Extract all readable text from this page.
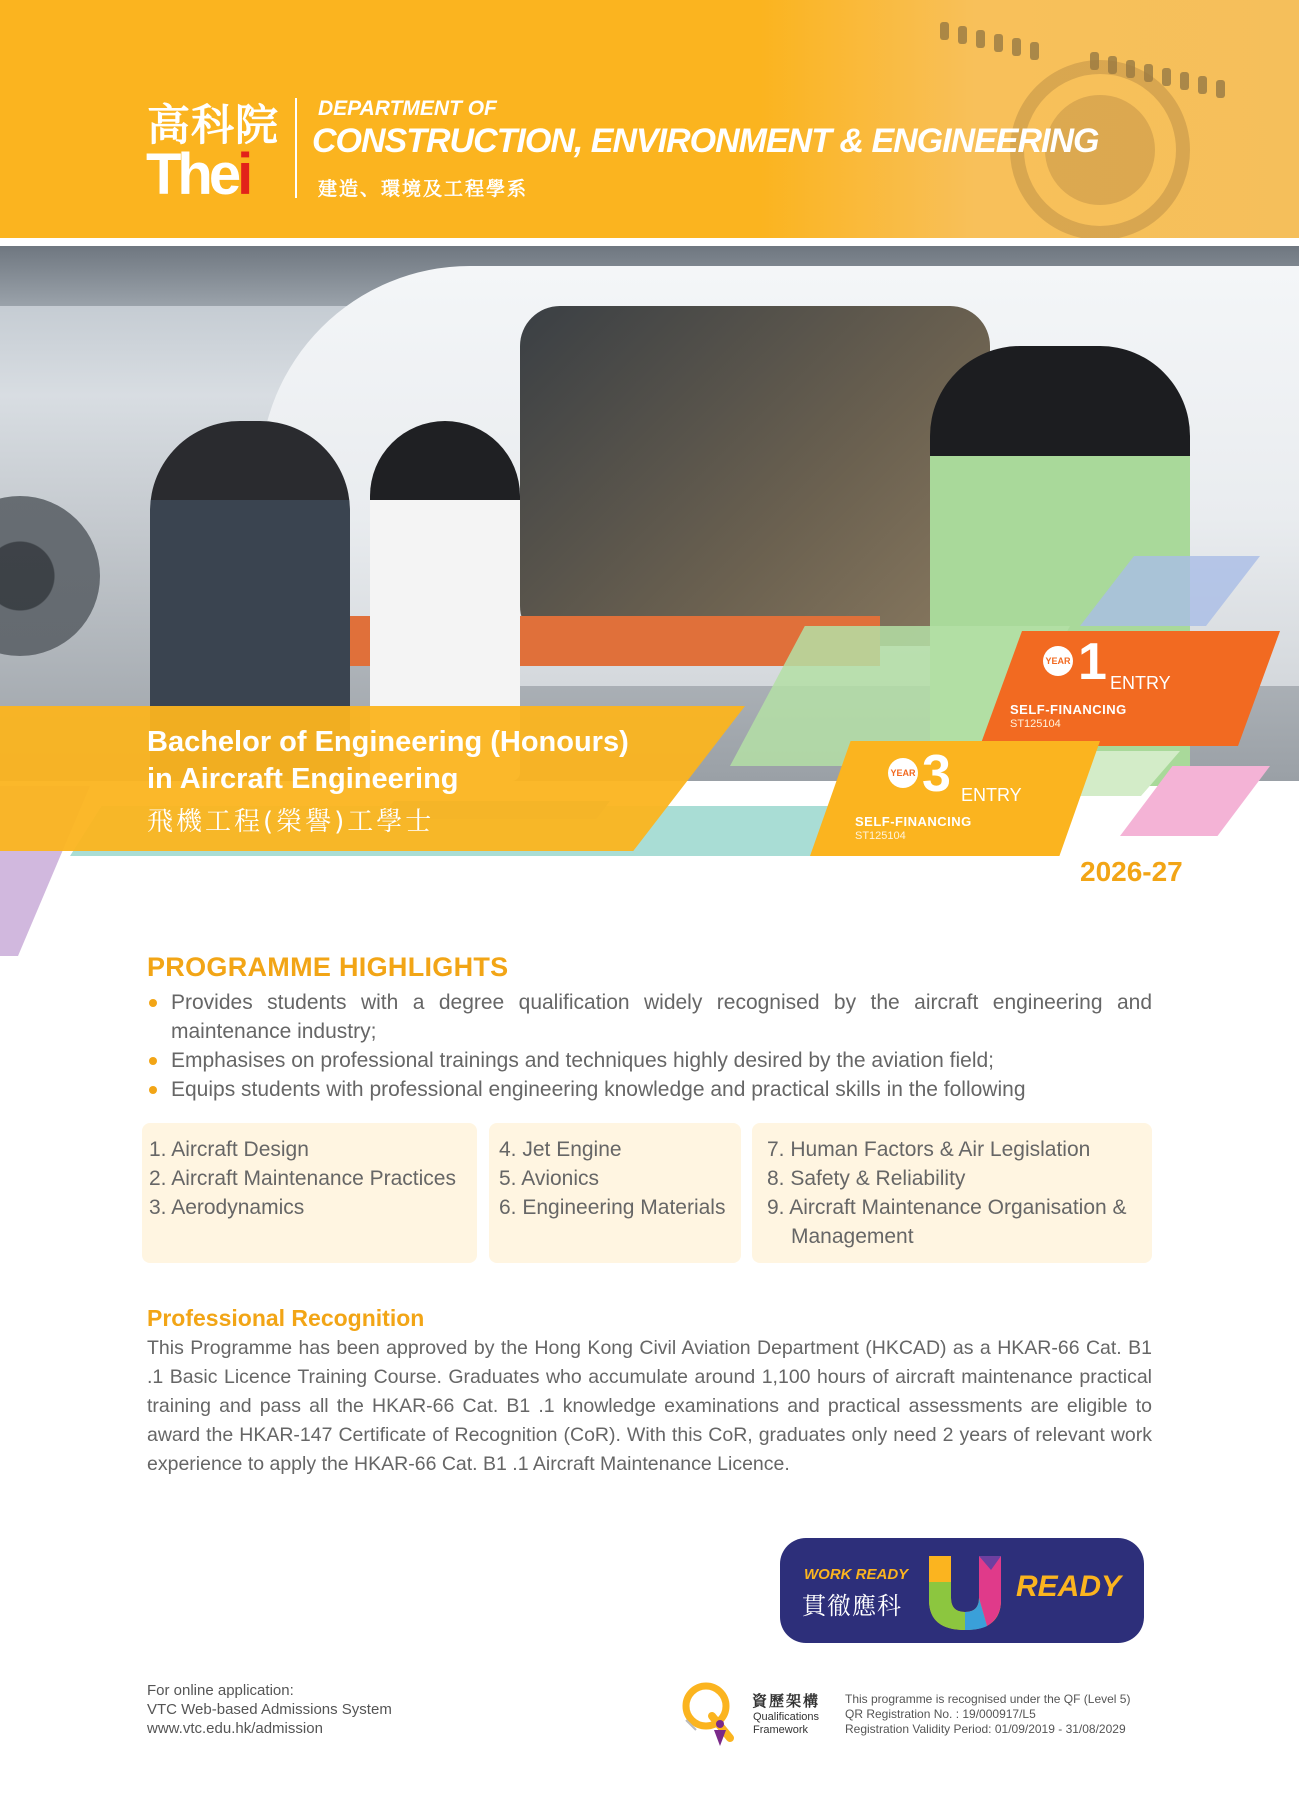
高科院
Thei
DEPARTMENT OF
CONSTRUCTION, ENVIRONMENT & ENGINEERING
建造、環境及工程學系
Bachelor of Engineering (Honours)
in Aircraft Engineering
飛機工程(榮譽)工學士
YEAR 1 ENTRY
SELF-FINANCING
ST125104
YEAR 3 ENTRY
SELF-FINANCING
ST125104
2026-27
PROGRAMME HIGHLIGHTS
Provides students with a degree qualification widely recognised by the aircraft engineering and maintenance industry;
Emphasises on professional trainings and techniques highly desired by the aviation field;
Equips students with professional engineering knowledge and practical skills in the following
1. Aircraft Design
2. Aircraft Maintenance Practices
3. Aerodynamics
4. Jet Engine
5. Avionics
6. Engineering Materials
7. Human Factors & Air Legislation
8. Safety & Reliability
9. Aircraft Maintenance Organisation &
Management
Professional Recognition
This Programme has been approved by the Hong Kong Civil Aviation Department (HKCAD) as a HKAR-66 Cat. B1 .1 Basic Licence Training Course. Graduates who accumulate around 1,100 hours of aircraft maintenance practical training and pass all the HKAR-66 Cat. B1 .1 knowledge examinations and practical assessments are eligible to award the HKAR-147 Certificate of Recognition (CoR). With this CoR, graduates only need 2 years of relevant work experience to apply the HKAR-66 Cat. B1 .1 Aircraft Maintenance Licence.
WORK READY
貫徹應科
READY
For online application:
VTC Web-based Admissions System
www.vtc.edu.hk/admission
資歷架構
Qualifications
Framework
This programme is recognised under the QF (Level 5)
QR Registration No. : 19/000917/L5
Registration Validity Period: 01/09/2019 - 31/08/2029
